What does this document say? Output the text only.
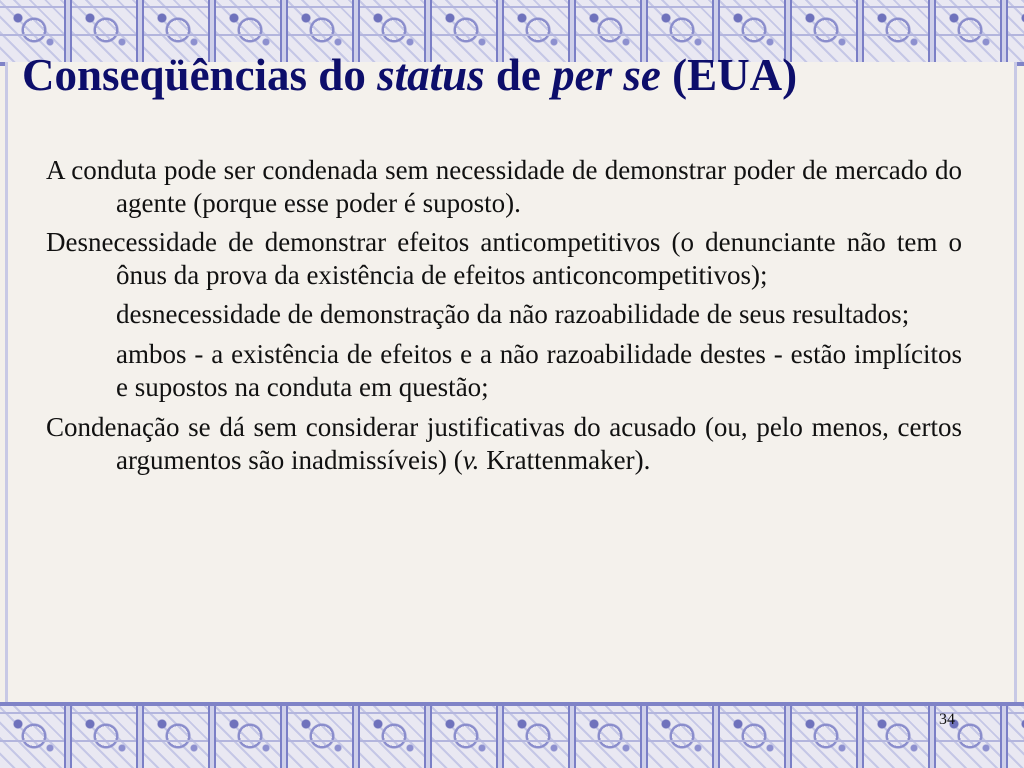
Conseqüências do status de per se (EUA)

A conduta pode ser condenada sem necessidade de demonstrar poder de mercado do agente (porque esse poder é suposto).

Desnecessidade de demonstrar efeitos anticompetitivos (o denunciante não tem o ônus da prova da existência de efeitos anticoncompetitivos);

desnecessidade de demonstração da não razoabilidade de seus resultados;

ambos - a existência de efeitos e a não razoabilidade destes - estão implícitos e supostos na conduta em questão;

Condenação se dá sem considerar justificativas do acusado (ou, pelo menos, certos argumentos são inadmissíveis) (v. Krattenmaker).

34
